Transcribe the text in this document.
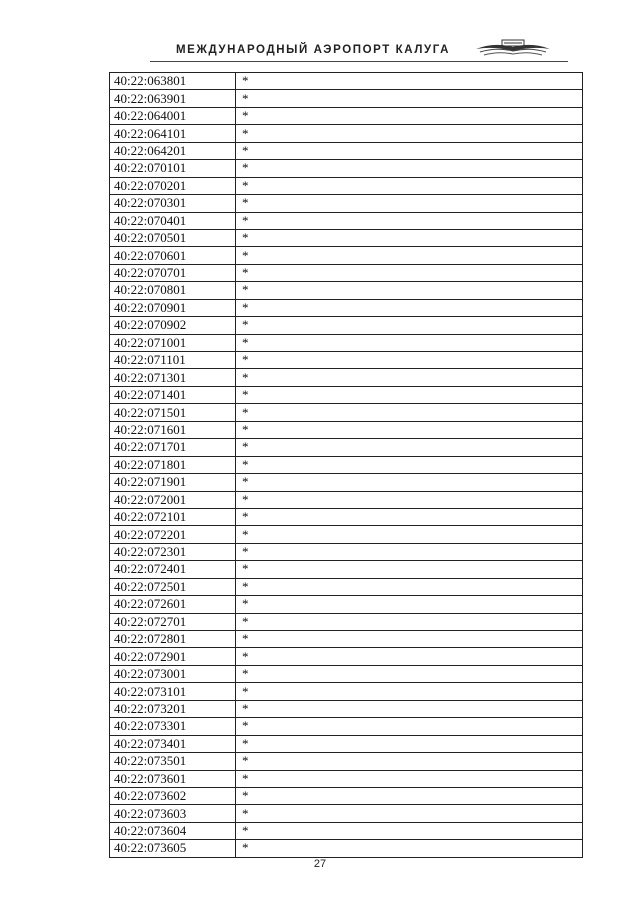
МЕЖДУНАРОДНЫЙ АЭРОПОРТ КАЛУГА
40:22:063801	*
40:22:063901	*
40:22:064001	*
40:22:064101	*
40:22:064201	*
40:22:070101	*
40:22:070201	*
40:22:070301	*
40:22:070401	*
40:22:070501	*
40:22:070601	*
40:22:070701	*
40:22:070801	*
40:22:070901	*
40:22:070902	*
40:22:071001	*
40:22:071101	*
40:22:071301	*
40:22:071401	*
40:22:071501	*
40:22:071601	*
40:22:071701	*
40:22:071801	*
40:22:071901	*
40:22:072001	*
40:22:072101	*
40:22:072201	*
40:22:072301	*
40:22:072401	*
40:22:072501	*
40:22:072601	*
40:22:072701	*
40:22:072801	*
40:22:072901	*
40:22:073001	*
40:22:073101	*
40:22:073201	*
40:22:073301	*
40:22:073401	*
40:22:073501	*
40:22:073601	*
40:22:073602	*
40:22:073603	*
40:22:073604	*
40:22:073605	*
27
